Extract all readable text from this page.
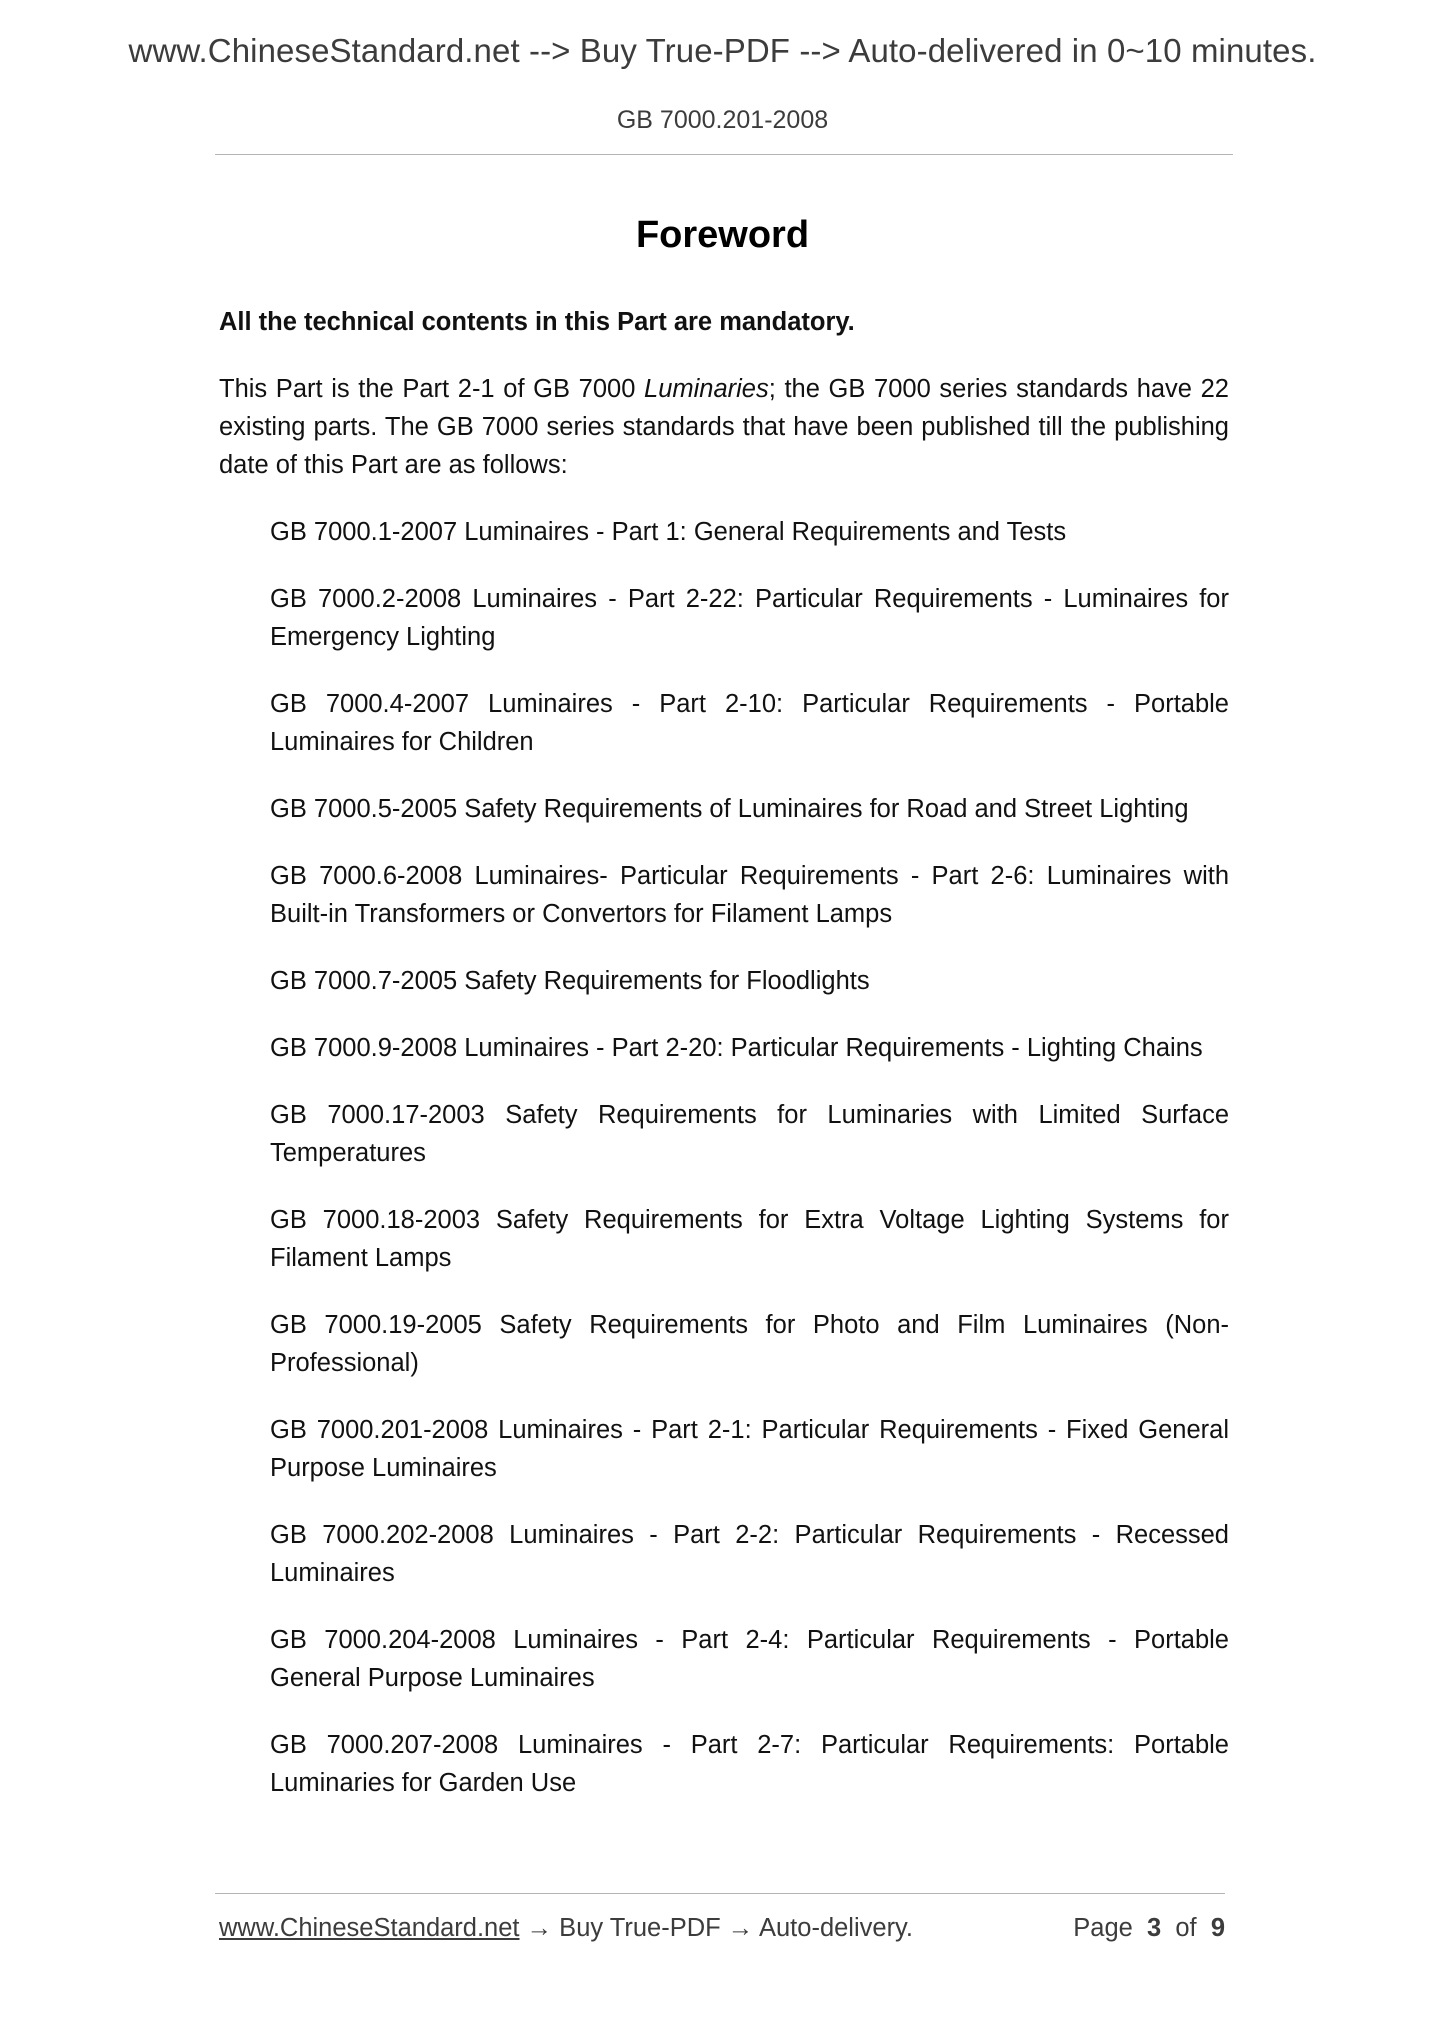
www.ChineseStandard.net --> Buy True-PDF --> Auto-delivered in 0~10 minutes.
GB 7000.201-2008
Foreword

All the technical contents in this Part are mandatory.

This Part is the Part 2-1 of GB 7000 Luminaries; the GB 7000 series standards have 22 existing parts. The GB 7000 series standards that have been published till the publishing date of this Part are as follows:

GB 7000.1-2007 Luminaires - Part 1: General Requirements and Tests
GB 7000.2-2008 Luminaires - Part 2-22: Particular Requirements - Luminaires for Emergency Lighting
GB 7000.4-2007 Luminaires - Part 2-10: Particular Requirements - Portable Luminaires for Children
GB 7000.5-2005 Safety Requirements of Luminaires for Road and Street Lighting
GB 7000.6-2008 Luminaires- Particular Requirements - Part 2-6: Luminaires with Built-in Transformers or Convertors for Filament Lamps
GB 7000.7-2005 Safety Requirements for Floodlights
GB 7000.9-2008 Luminaires - Part 2-20: Particular Requirements - Lighting Chains
GB 7000.17-2003 Safety Requirements for Luminaries with Limited Surface Temperatures
GB 7000.18-2003 Safety Requirements for Extra Voltage Lighting Systems for Filament Lamps
GB 7000.19-2005 Safety Requirements for Photo and Film Luminaires (Non-Professional)
GB 7000.201-2008 Luminaires - Part 2-1: Particular Requirements - Fixed General Purpose Luminaires
GB 7000.202-2008 Luminaires - Part 2-2: Particular Requirements - Recessed Luminaires
GB 7000.204-2008 Luminaires - Part 2-4: Particular Requirements - Portable General Purpose Luminaires
GB 7000.207-2008 Luminaires - Part 2-7: Particular Requirements: Portable Luminaries for Garden Use
www.ChineseStandard.net → Buy True-PDF → Auto-delivery.	Page 3 of 9
